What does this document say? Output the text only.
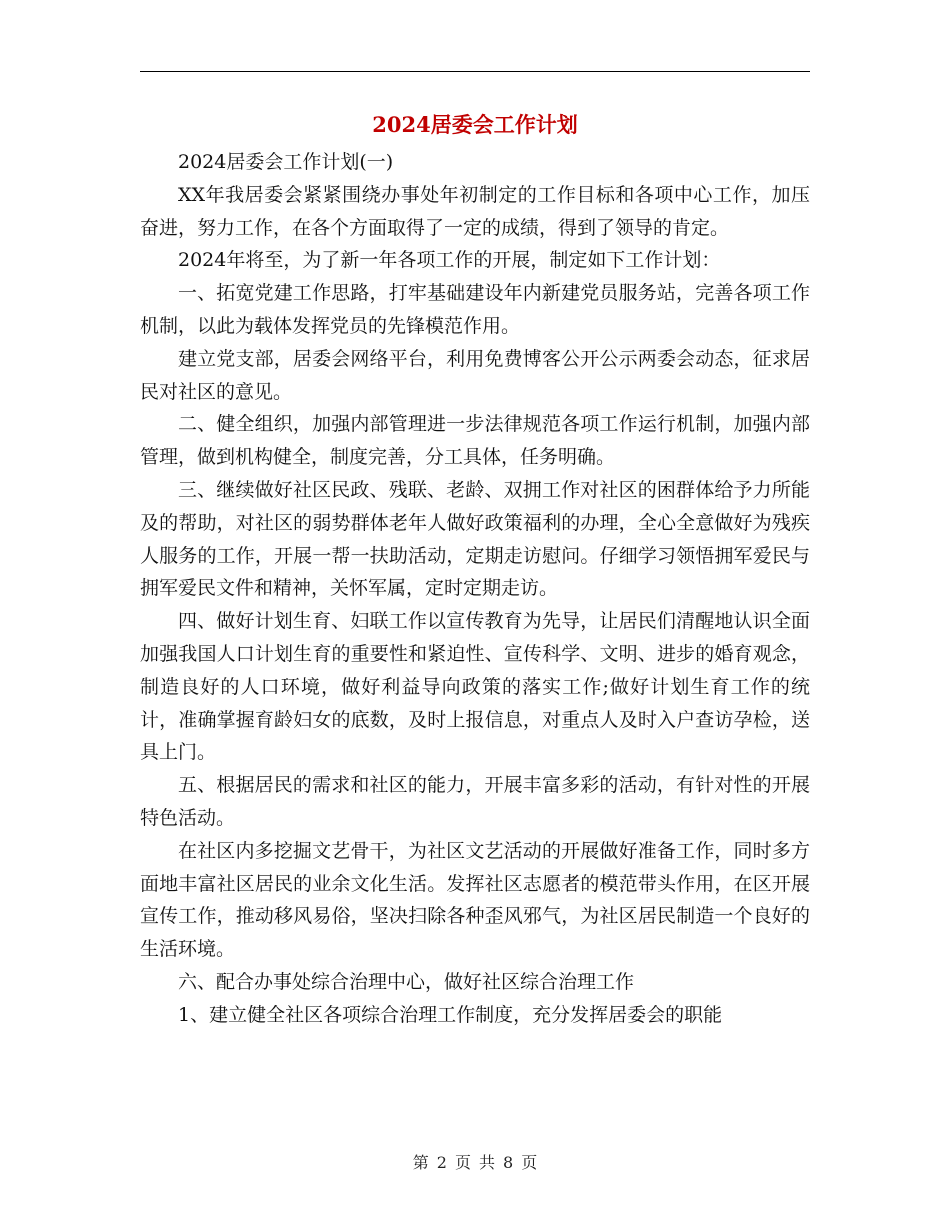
2024居委会工作计划

2024居委会工作计划(一)

XX年我居委会紧紧围绕办事处年初制定的工作目标和各项中心工作，加压奋进，努力工作，在各个方面取得了一定的成绩，得到了领导的肯定。

2024年将至，为了新一年各项工作的开展，制定如下工作计划：

一、拓宽党建工作思路，打牢基础建设年内新建党员服务站，完善各项工作机制，以此为载体发挥党员的先锋模范作用。

建立党支部，居委会网络平台，利用免费博客公开公示两委会动态，征求居民对社区的意见。

二、健全组织，加强内部管理进一步法律规范各项工作运行机制，加强内部管理，做到机构健全，制度完善，分工具体，任务明确。

三、继续做好社区民政、残联、老龄、双拥工作对社区的困群体给予力所能及的帮助，对社区的弱势群体老年人做好政策福利的办理，全心全意做好为残疾人服务的工作，开展一帮一扶助活动，定期走访慰问。仔细学习领悟拥军爱民与拥军爱民文件和精神，关怀军属，定时定期走访。

四、做好计划生育、妇联工作以宣传教育为先导，让居民们清醒地认识全面加强我国人口计划生育的重要性和紧迫性、宣传科学、文明、进步的婚育观念，制造良好的人口环境，做好利益导向政策的落实工作;做好计划生育工作的统计，准确掌握育龄妇女的底数，及时上报信息，对重点人及时入户查访孕检，送具上门。

五、根据居民的需求和社区的能力，开展丰富多彩的活动，有针对性的开展特色活动。

在社区内多挖掘文艺骨干，为社区文艺活动的开展做好准备工作，同时多方面地丰富社区居民的业余文化生活。发挥社区志愿者的模范带头作用，在区开展宣传工作，推动移风易俗，坚决扫除各种歪风邪气，为社区居民制造一个良好的生活环境。

六、配合办事处综合治理中心，做好社区综合治理工作

1、建立健全社区各项综合治理工作制度，充分发挥居委会的职能

第 2 页 共 8 页
